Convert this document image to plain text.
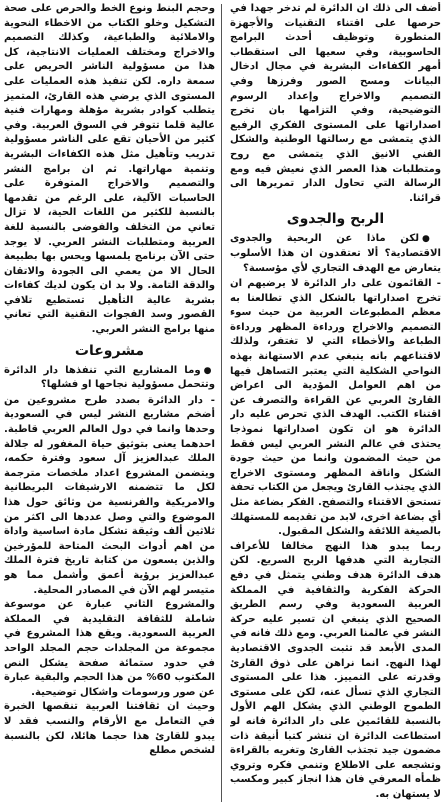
أضف الى ذلك ان الدائرة لم تدخر جهدا في حرصها على اقتناء التقنيات والأجهزة المتطورة وتوظيف أحدث البرامج الحاسوبية، وفي سعيها الى استقطاب أمهر الكفاءات البشرية في مجال ادخال البيانات ومسح الصور وفرزها وفي التصميم والاخراج وإعداد الرسوم التوضيحية، وفي التزامها بان تخرج اصداراتها على المستوى الفكري الرفيع الذي يتمشى مع رسالتها الوطنية والشكل الفني الانيق الذي يتمشى مع روح ومتطلبات هذا العصر الذي نعيش فيه ومع الرسالة التي تحاول الدار تمريرها الى قرائنا.

الربح والجدوى
●لكن ماذا عن الربحية والجدوى الاقتصادية؟ ألا تعتقدون ان هذا الأسلوب يتعارض مع الهدف التجاري لأي مؤسسة؟

- القائمون على دار الدائرة لا يرضيهم ان تخرج اصداراتها بالشكل الذي تطالعنا به معظم المطبوعات العربية من حيث سوء التصميم والاخراج ورداءة المظهر ورداءة الطباعة والأخطاء التي لا تغتفر، ولذلك لاقتناعهم بانه ينبغي عدم الاستهانة بهذه النواحي الشكلية التي يعتبر التساهل فيها من اهم العوامل المؤدية الى اعراض القارئ العربي عن القراءة والتصرف عن اقتناء الكتب. الهدف الذي تحرص عليه دار الدائرة هو ان تكون اصداراتها نموذجا يحتذى في عالم النشر العربي ليس فقط من حيث المضمون وانما من حيث جودة الشكل واناقة المظهر ومستوى الاخراج الذي يجتذب القارئ ويجعل من الكتاب تحفة تستحق الاقتناء والتصفح. الفكر بضاعة مثل أي بضاعة اخرى، لابد من تقديمه للمستهلك بالصيغة اللائقة والشكل المقبول.

ربما يبدو هذا النهج مخالفا للأعراف التجارية التي هدفها الربح السريع. لكن هدف الدائرة هدف وطني يتمثل في دفع الحركة الفكرية والثقافية في المملكة العربية السعودية وفي رسم الطريق الصحيح الذي ينبغي ان تسير عليه حركة النشر في عالمنا العربي. ومع ذلك فانه في المدى الأبعد قد تثبت الجدوى الاقتصادية لهذا النهج. انما نراهن على ذوق القارئ وقدرته على التمييز. هذا على المستوى التجاري الذي تسأل عنه، لكن على مستوى الطموح الوطني الذي يشكل الهم الأول بالنسبة للقائمين على دار الدائرة فانه لو استطاعت الدائرة ان تنشر كتبا أنيقة ذات مضمون جيد تجتذب القارئ وتغريه بالقراءة وتشجعه على الاطلاع وتنمي فكره وتروي ظمأه المعرفي فان هذا انجاز كبير ومكسب لا يستهان به.

وحجم البنط ونوع الخط والحرص على صحة التشكيل وخلو الكتاب من الاخطاء النحوية والاملائية والطباعية، وكذلك التصميم والاخراج ومختلف العمليات الانتاجية، كل هذا من مسؤولية الناشر الحريص على سمعة داره. لكن تنفيذ هذه العمليات على المستوى الذي يرضي هذه القارئ، المتميز يتطلب كوادر بشرية مؤهلة ومهارات فنية عالية قلما تتوفر في السوق العربية. وفي كثير من الأحيان تقع على الناشر مسؤولية تدريب وتأهيل مثل هذه الكفاءات البشرية وتنمية مهاراتها. ثم ان برامج النشر والتصميم والاخراج المتوفرة على الحاسبات الآلية، على الرغم من تقدمها بالنسبة للكثير من اللغات الحية، لا تزال تعاني من التخلف والفوضى بالنسبة للغة العربية ومتطلبات النشر العربي. لا يوجد حتى الآن برنامج يلمسها ويحس بها بطبيعة الحال الا من يعمي الى الجودة والاتقان والدقة التامة. ولا بد ان يكون لديك كفاءات بشرية عالية التأهيل تستطيع تلافي القصور وسد الفجوات التقنية التي تعاني منها برامج النشر العربي.

مشروعات
●وما المشاريع التي تنفذها دار الدائرة وتتحمل مسؤولية نجاحها او فشلها؟

- دار الدائرة بصدد طرح مشروعين من أضخم مشاريع النشر ليس في السعودية وحدها وانما في دول العالم العربي قاطبة. احدهما يعنى بتوثيق حياة المغفور له جلالة الملك عبدالعزيز آل سعود وفترة حكمه، ويتضمن المشروع اعداد ملخصات مترجمة لكل ما تتضمنه الارشيفات البريطانية والامريكية والفرنسية من وثائق حول هذا الموضوع والتي وصل عددها الى اكثر من ثلاثين ألف وثيقة تشكل مادة اساسية واداة من اهم أدوات البحث المتاحة للمؤرخين والذين يسعون من كتابة تاريخ فترة الملك عبدالعزيز برؤية أعمق وأشمل مما هو متيسر لهم الآن في المصادر المحلية.

والمشروع الثاني عبارة عن موسوعة شاملة للثقافة التقليدية في المملكة العربية السعودية. ويقع هذا المشروع في مجموعة من المجلدات حجم المجلد الواحد في حدود ستمائة صفحة يشكل النص المكتوب 60% من هذا الحجم والبقية عبارة عن صور ورسومات واشكال توضيحية.

وحيث ان ثقافتنا العربية تنقصها الخبرة في التعامل مع الأرقام والنسب فقد لا يبدو للقارئ هذا حجما هائلا، لكن بالنسبة لشخص مطلع
